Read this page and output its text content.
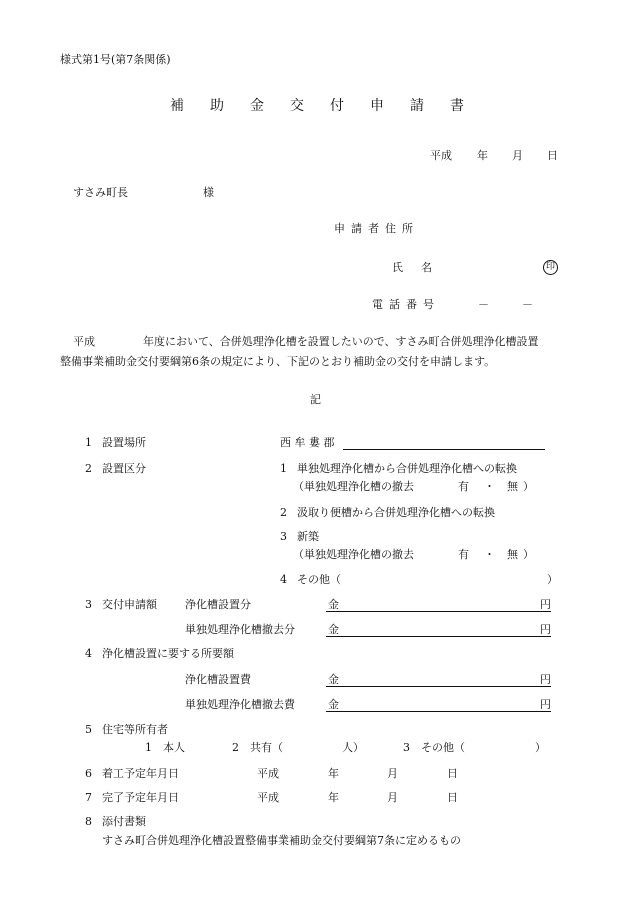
様式第1号(第7条関係)
補助金交付申請書
平成 年 月 日
すさみ町長	様
申請者住所
氏名	印
電話番号	－	－
平成	年度において、合併処理浄化槽を設置したいので、すさみ町合併処理浄化槽設置
整備事業補助金交付要綱第6条の規定により、下記のとおり補助金の交付を申請します。
記
1 設置場所	西 牟 婁 郡
2 設置区分	1 単独処理浄化槽から合併処理浄化槽への転換
（単独処理浄化槽の撤去	有 ・ 無 ）
2 汲取り便槽から合併処理浄化槽への転換
3 新築
（単独処理浄化槽の撤去	有 ・ 無 ）
4 その他（	）
3 交付申請額	浄化槽設置分	金	円
単独処理浄化槽撤去分	金	円
4 浄化槽設置に要する所要額
浄化槽設置費	金	円
単独処理浄化槽撤去費	金	円
5 住宅等所有者
1　本人	2　共有（	人）	3　その他（	）
6 着工予定年月日	平成	年	月	日
7 完了予定年月日	平成	年	月	日
8 添付書類
すさみ町合併処理浄化槽設置整備事業補助金交付要綱第7条に定めるもの
